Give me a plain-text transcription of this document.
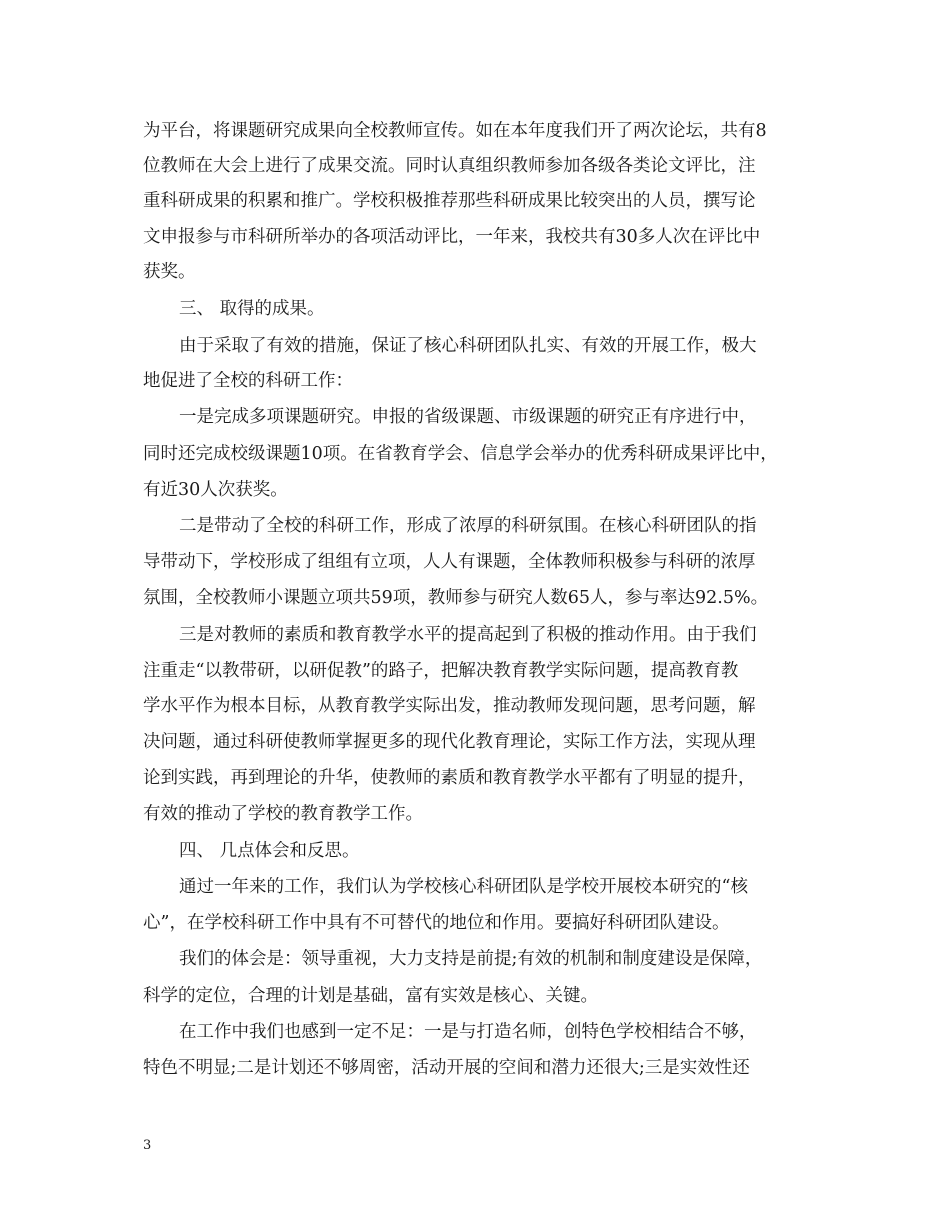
为平台，将课题研究成果向全校教师宣传。如在本年度我们开了两次论坛，共有8
位教师在大会上进行了成果交流。同时认真组织教师参加各级各类论文评比，注
重科研成果的积累和推广。学校积极推荐那些科研成果比较突出的人员，撰写论
文申报参与市科研所举办的各项活动评比，一年来，我校共有30多人次在评比中
获奖。
三、 取得的成果。
由于采取了有效的措施，保证了核心科研团队扎实、有效的开展工作，极大
地促进了全校的科研工作：
一是完成多项课题研究。申报的省级课题、市级课题的研究正有序进行中，
同时还完成校级课题10项。在省教育学会、信息学会举办的优秀科研成果评比中，
有近30人次获奖。
二是带动了全校的科研工作，形成了浓厚的科研氛围。在核心科研团队的指
导带动下，学校形成了组组有立项，人人有课题，全体教师积极参与科研的浓厚
氛围，全校教师小课题立项共59项，教师参与研究人数65人，参与率达92.5%。
三是对教师的素质和教育教学水平的提高起到了积极的推动作用。由于我们
注重走“以教带研，以研促教”的路子，把解决教育教学实际问题，提高教育教
学水平作为根本目标，从教育教学实际出发，推动教师发现问题，思考问题，解
决问题，通过科研使教师掌握更多的现代化教育理论，实际工作方法，实现从理
论到实践，再到理论的升华，使教师的素质和教育教学水平都有了明显的提升，
有效的推动了学校的教育教学工作。
四、 几点体会和反思。
通过一年来的工作，我们认为学校核心科研团队是学校开展校本研究的“核
心”，在学校科研工作中具有不可替代的地位和作用。要搞好科研团队建设。
我们的体会是：领导重视，大力支持是前提;有效的机制和制度建设是保障，
科学的定位，合理的计划是基础，富有实效是核心、关键。
在工作中我们也感到一定不足：一是与打造名师，创特色学校相结合不够，
特色不明显;二是计划还不够周密，活动开展的空间和潜力还很大;三是实效性还
3
